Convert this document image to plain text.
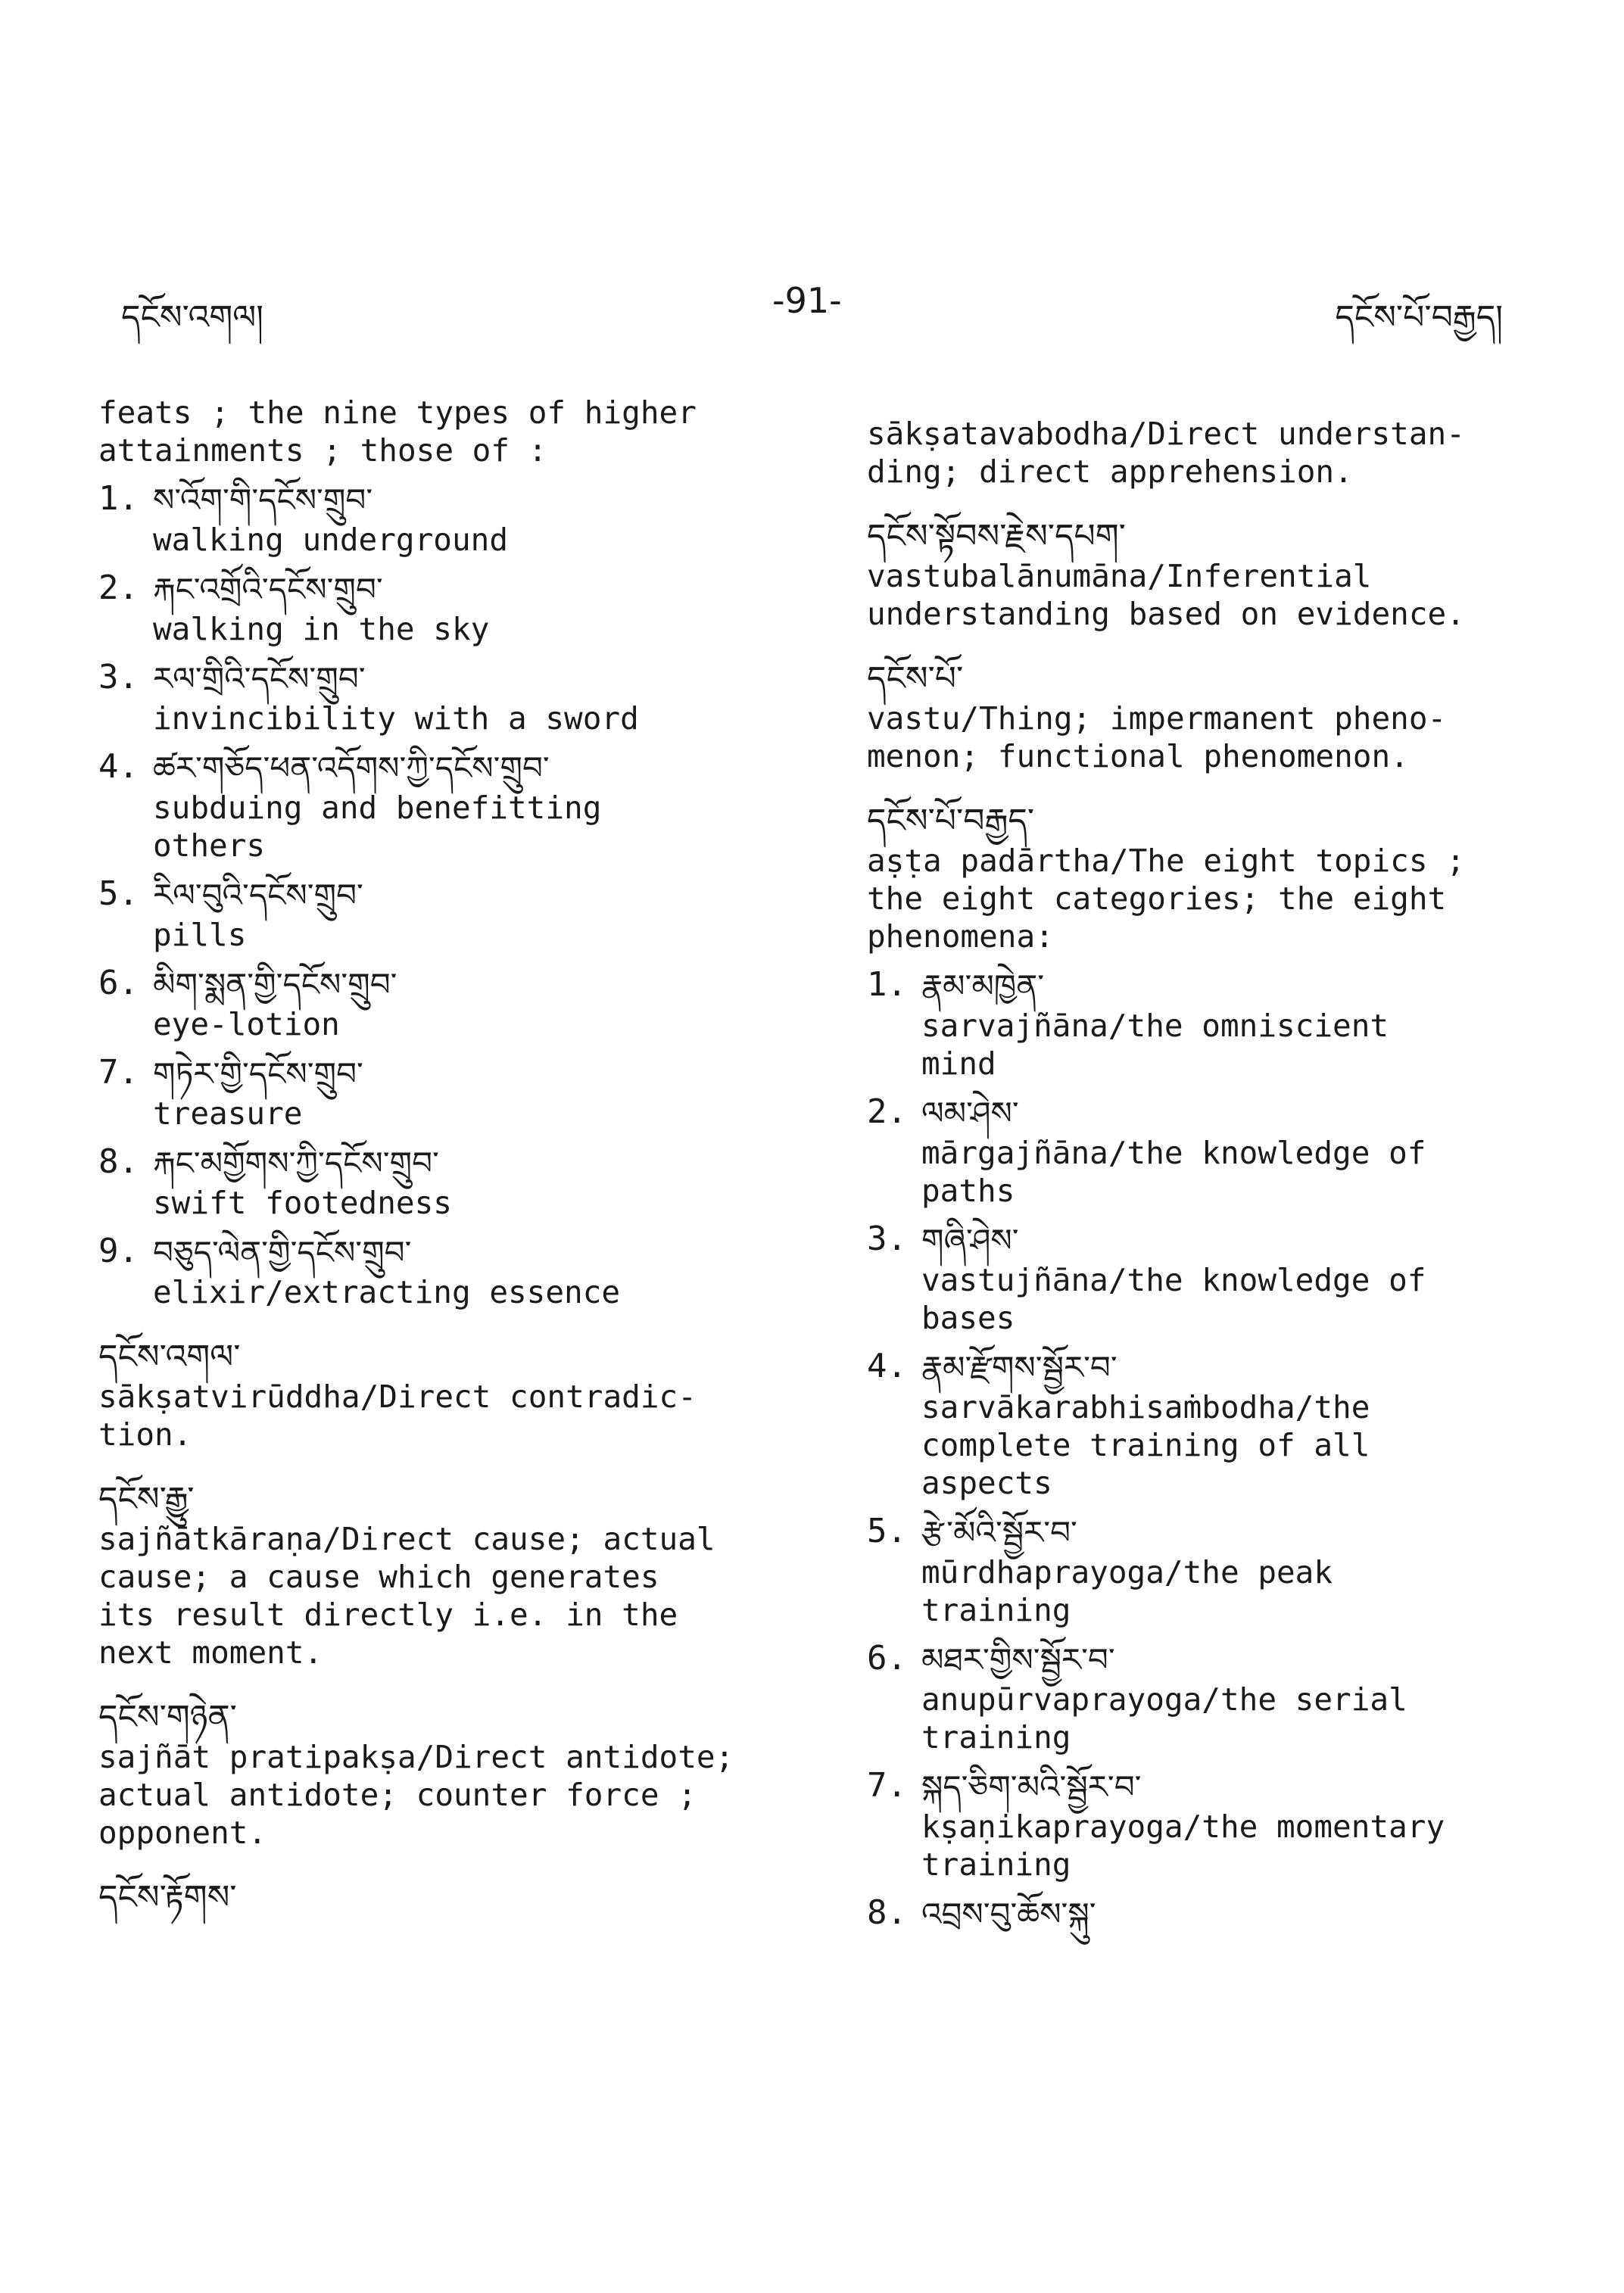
དངོས་འགལ།	-91-	དངོས་པོ་བརྒྱད།
feats ; the nine types of higher
attainments ; those of :
1. ས་འོག་གི་དངོས་གྲུབ་
walking underground
2. རྐང་འགྲོའི་དངོས་གྲུབ་
walking in the sky
3. རལ་གྲིའི་དངོས་གྲུབ་
invincibility with a sword
4. ཚར་གཅོད་ཕན་འདོགས་ཀྱི་དངོས་གྲུབ་
subduing and benefitting
others
5. རིལ་བུའི་དངོས་གྲུབ་
pills
6. མིག་སྨན་གྱི་དངོས་གྲུབ་
eye-lotion
7. གཏེར་གྱི་དངོས་གྲུབ་
treasure
8. རྐང་མགྱོགས་ཀྱི་དངོས་གྲུབ་
swift footedness
9. བཅུད་ལེན་གྱི་དངོས་གྲུབ་
elixir/extracting essence
དངོས་འགལ་
sākṣatvirūddha/Direct contradic-
tion.
དངོས་རྒྱུ་
sajñātkāraṇa/Direct cause; actual
cause; a cause which generates
its result directly i.e. in the
next moment.
དངོས་གཉེན་
sajñāt pratipakṣa/Direct antidote;
actual antidote; counter force ;
opponent.
དངོས་རྟོགས་
sākṣatavabodha/Direct understan-
ding; direct apprehension.
དངོས་སྟོབས་རྗེས་དཔག་
vastubalānumāna/Inferential
understanding based on evidence.
དངོས་པོ་
vastu/Thing; impermanent pheno-
menon; functional phenomenon.
དངོས་པོ་བརྒྱད་
aṣṭa padārtha/The eight topics ;
the eight categories; the eight
phenomena:
1. རྣམ་མཁྱེན་
sarvajñāna/the omniscient
mind
2. ལམ་ཤེས་
mārgajñāna/the knowledge of
paths
3. གཞི་ཤེས་
vastujñāna/the knowledge of
bases
4. རྣམ་རྫོགས་སྦྱོར་བ་
sarvākarabhisaṁbodha/the
complete training of all
aspects
5. རྩེ་མོའི་སྦྱོར་བ་
mūrdhaprayoga/the peak
training
6. མཐར་གྱིས་སྦྱོར་བ་
anupūrvaprayoga/the serial
training
7. སྐད་ཅིག་མའི་སྦྱོར་བ་
kṣaṇikaprayoga/the momentary
training
8. འབྲས་བུ་ཆོས་སྐུ་
